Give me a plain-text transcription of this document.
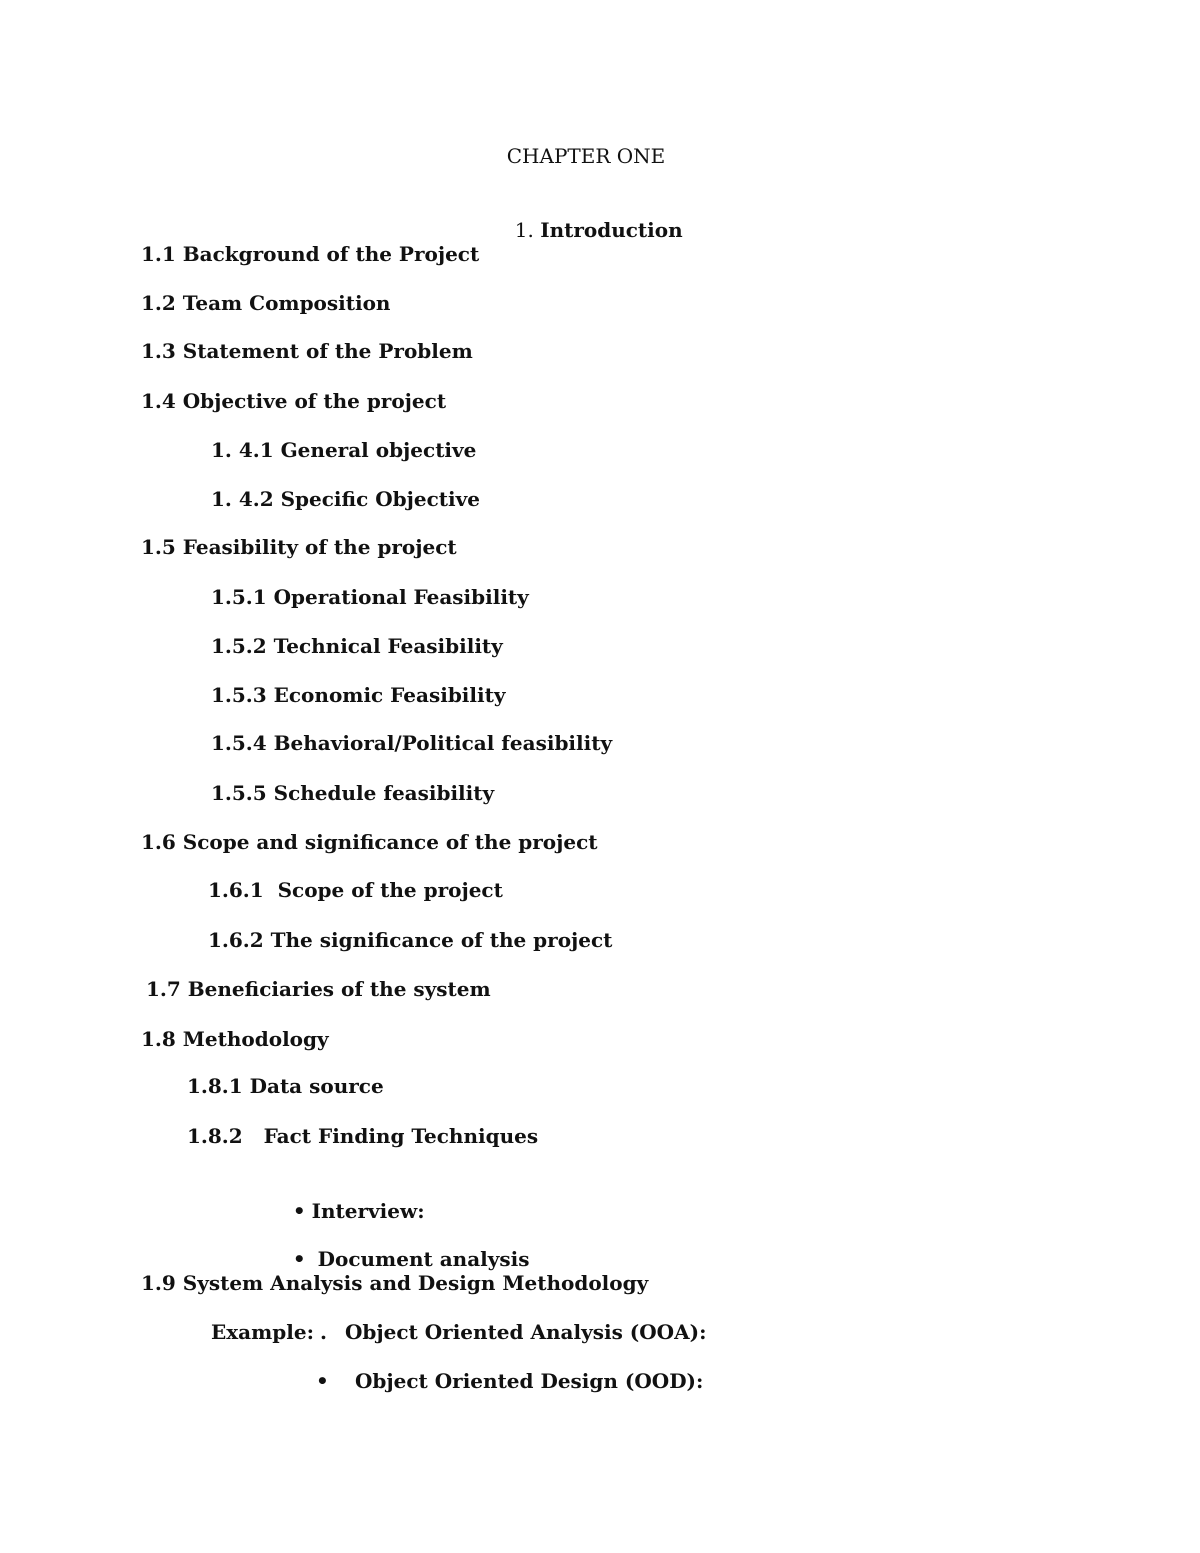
CHAPTER ONE

1. Introduction

1.1 Background of the Project
1.2 Team Composition
1.3 Statement of the Problem
1.4 Objective of the project
1. 4.1 General objective
1. 4.2 Specific Objective
1.5 Feasibility of the project
1.5.1 Operational Feasibility
1.5.2 Technical Feasibility
1.5.3 Economic Feasibility
1.5.4 Behavioral/Political feasibility
1.5.5 Schedule feasibility
1.6 Scope and significance of the project
1.6.1  Scope of the project
1.6.2 The significance of the project
1.7 Beneficiaries of the system
1.8 Methodology
1.8.1 Data source
1.8.2   Fact Finding Techniques

• Interview:

• Document analysis

1.9 System Analysis and Design Methodology
Example: . Object Oriented Analysis (OOA):
• Object Oriented Design (OOD):
